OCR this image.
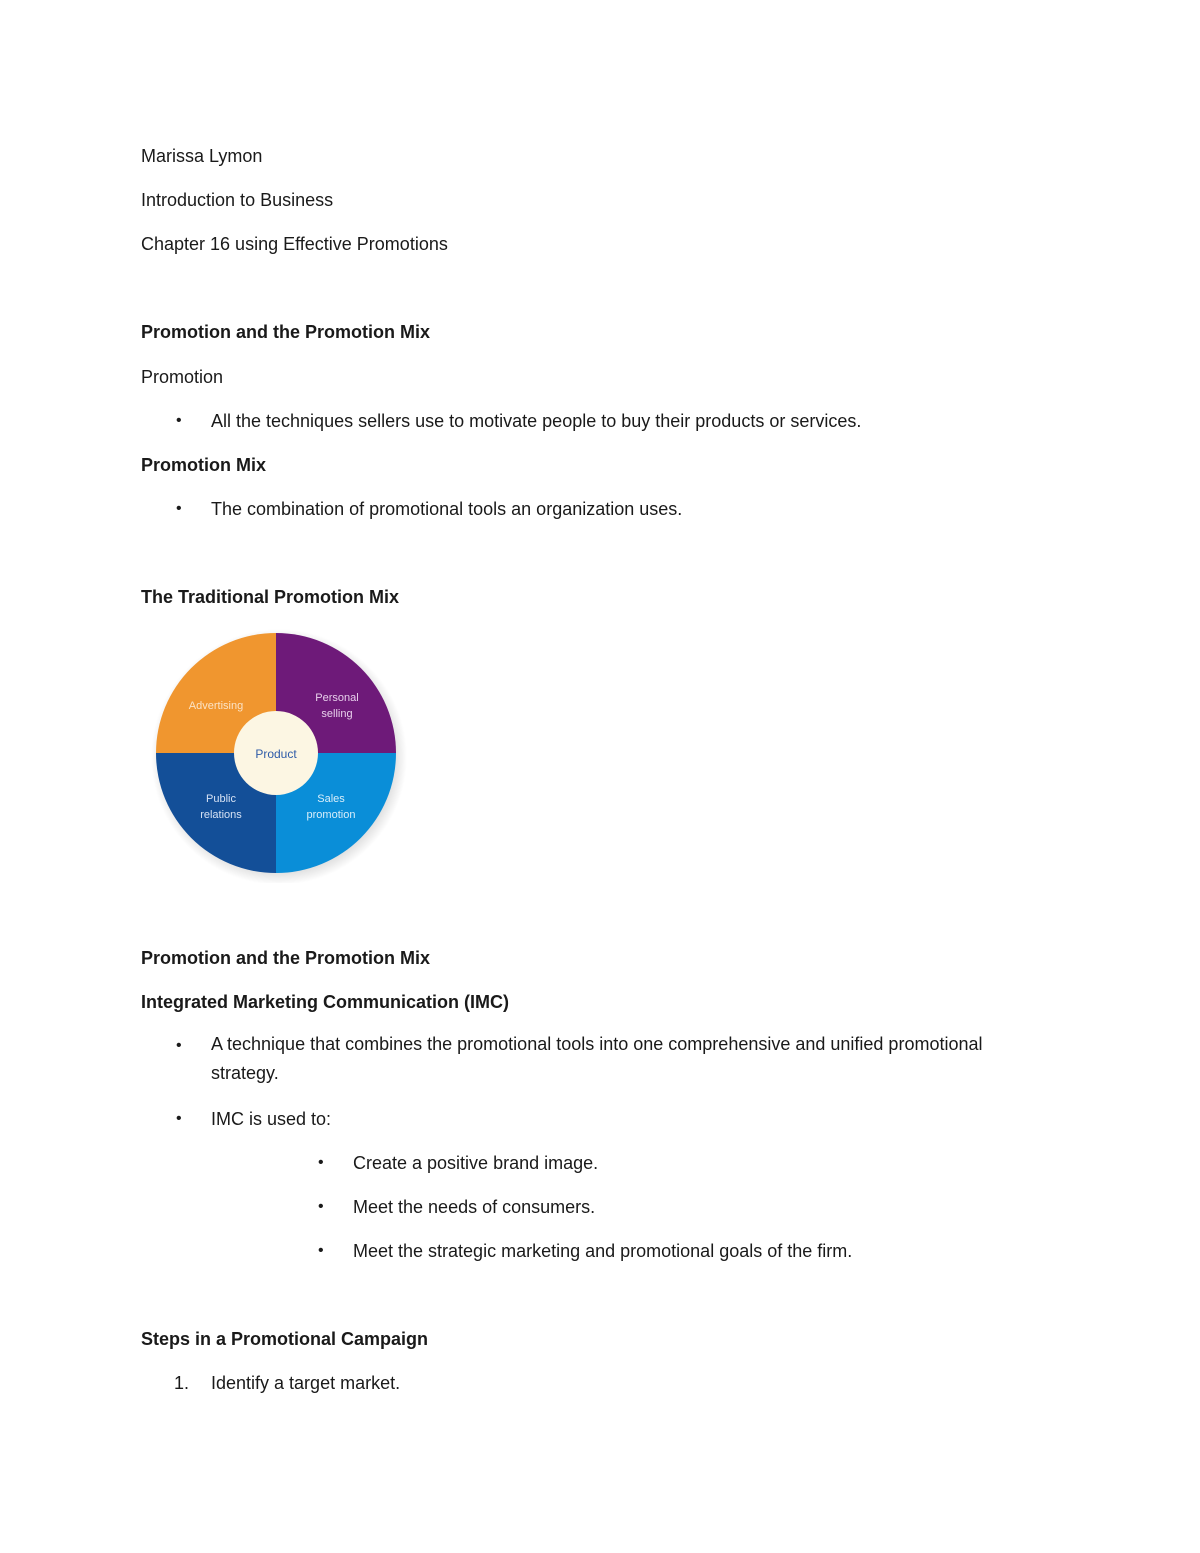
Marissa Lymon
Introduction to Business
Chapter 16 using Effective Promotions
Promotion and the Promotion Mix
Promotion
• All the techniques sellers use to motivate people to buy their products or services.
Promotion Mix
• The combination of promotional tools an organization uses.
The Traditional Promotion Mix
Product
Advertising
Personal
selling
Public
relations
Sales
promotion
Promotion and the Promotion Mix
Integrated Marketing Communication (IMC)
• A technique that combines the promotional tools into one comprehensive and unified promotional strategy.
• IMC is used to:
• Create a positive brand image.
• Meet the needs of consumers.
• Meet the strategic marketing and promotional goals of the firm.
Steps in a Promotional Campaign
1. Identify a target market.
